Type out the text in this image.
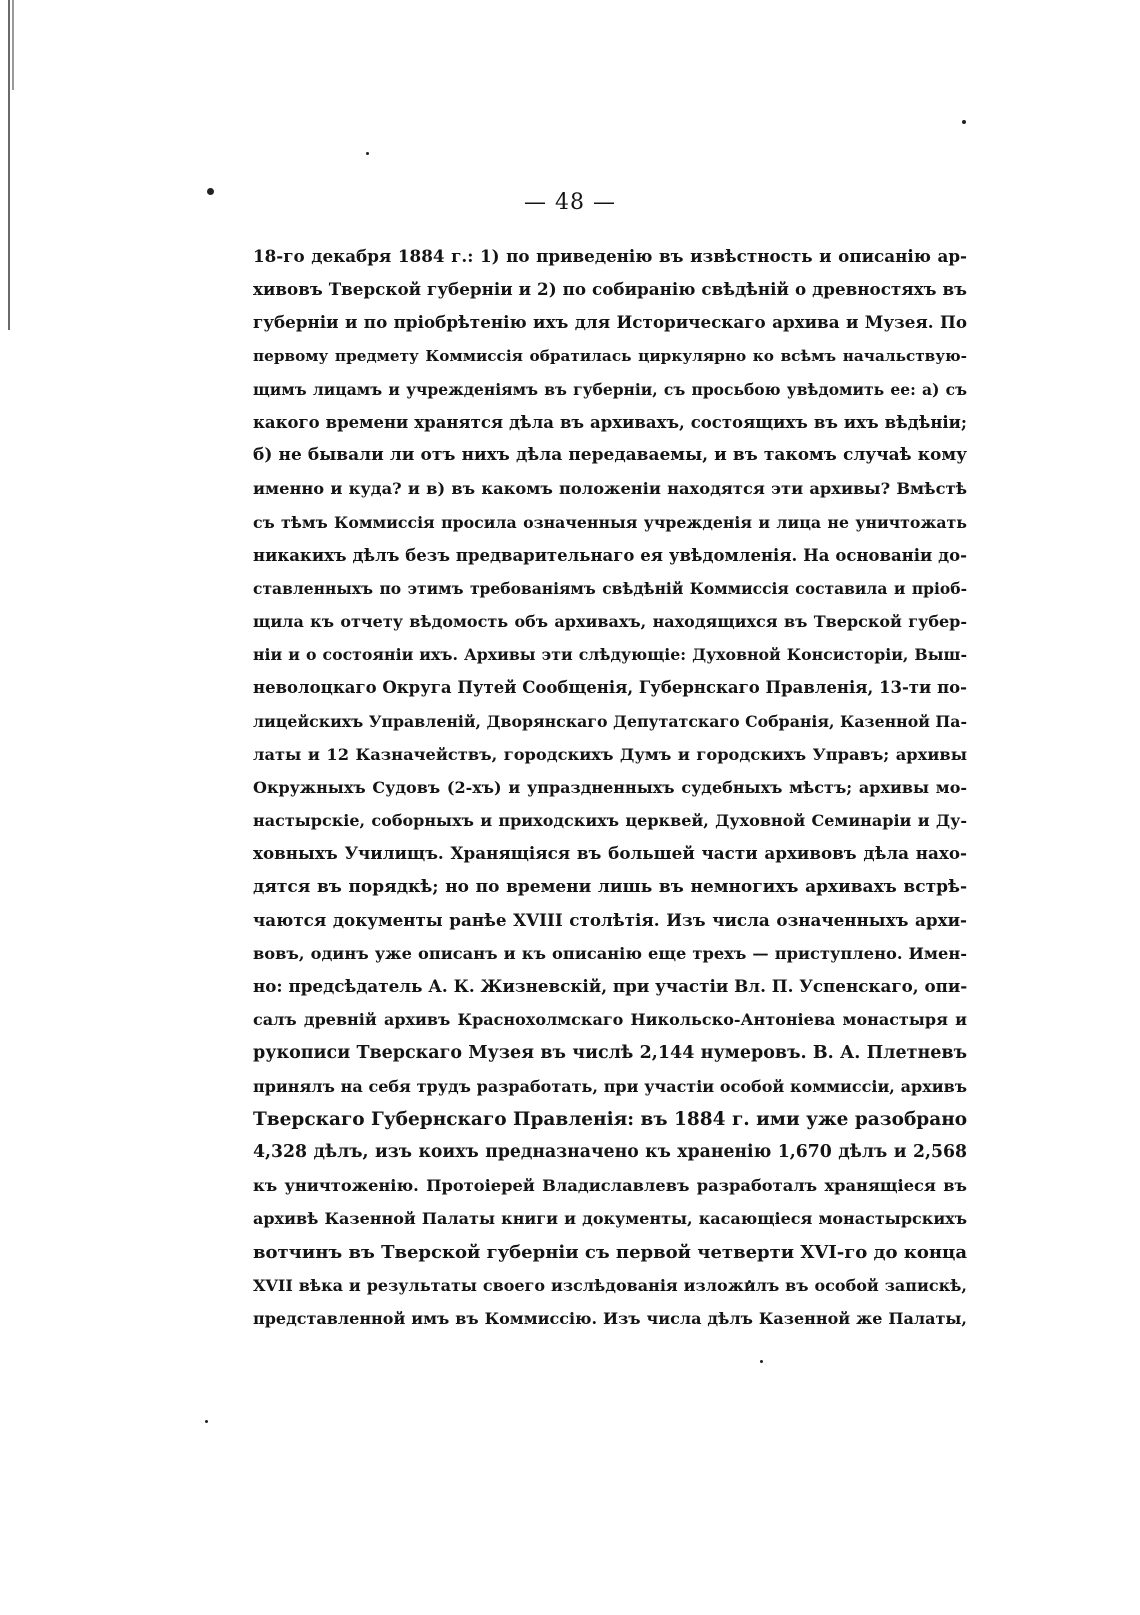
— 48 —
18-го декабря 1884 г.: 1) по приведенію въ извѣстность и описанію ар-
хивовъ Тверской губерніи и 2) по собиранію свѣдѣній о древностяхъ въ
губерніи и по пріобрѣтенію ихъ для Историческаго архива и Музея. По
первому предмету Коммиссія обратилась циркулярно ко всѣмъ начальствую-
щимъ лицамъ и учрежденіямъ въ губерніи, съ просьбою увѣдомить ее: а) съ
какого времени хранятся дѣла въ архивахъ, состоящихъ въ ихъ вѣдѣніи;
б) не бывали ли отъ нихъ дѣла передаваемы, и въ такомъ случаѣ кому
именно и куда? и в) въ какомъ положеніи находятся эти архивы? Вмѣстѣ
съ тѣмъ Коммиссія просила означенныя учрежденія и лица не уничтожать
никакихъ дѣлъ безъ предварительнаго ея увѣдомленія. На основаніи до-
ставленныхъ по этимъ требованіямъ свѣдѣній Коммиссія составила и пріоб-
щила къ отчету вѣдомость объ архивахъ, находящихся въ Тверской губер-
ніи и о состояніи ихъ. Архивы эти слѣдующіе: Духовной Консисторіи, Выш-
неволоцкаго Округа Путей Сообщенія, Губернскаго Правленія, 13-ти по-
лицейскихъ Управленій, Дворянскаго Депутатскаго Собранія, Казенной Па-
латы и 12 Казначействъ, городскихъ Думъ и городскихъ Управъ; архивы
Окружныхъ Судовъ (2-хъ) и упраздненныхъ судебныхъ мѣстъ; архивы мо-
настырскіе, соборныхъ и приходскихъ церквей, Духовной Семинаріи и Ду-
ховныхъ Училищъ. Хранящіяся въ большей части архивовъ дѣла нахо-
дятся въ порядкѣ; но по времени лишь въ немногихъ архивахъ встрѣ-
чаются документы ранѣе XVIII столѣтія. Изъ числа означенныхъ архи-
вовъ, одинъ уже описанъ и къ описанію еще трехъ — приступлено. Имен-
но: предсѣдатель А. К. Жизневскій, при участіи Вл. П. Успенскаго, опи-
салъ древній архивъ Краснохолмскаго Никольско-Антоніева монастыря и
рукописи Тверскаго Музея въ числѣ 2,144 нумеровъ. В. А. Плетневъ
принялъ на себя трудъ разработать, при участіи особой коммиссіи, архивъ
Тверскаго Губернскаго Правленія: въ 1884 г. ими уже разобрано
4,328 дѣлъ, изъ коихъ предназначено къ храненію 1,670 дѣлъ и 2,568
къ уничтоженію. Протоіерей Владиславлевъ разработалъ хранящіеся въ
архивѣ Казенной Палаты книги и документы, касающіеся монастырскихъ
вотчинъ въ Тверской губерніи съ первой четверти XVI-го до конца
XVII вѣка и результаты своего изслѣдованія изложилъ въ особой запискѣ,
представленной имъ въ Коммиссію. Изъ числа дѣлъ Казенной же Палаты,
